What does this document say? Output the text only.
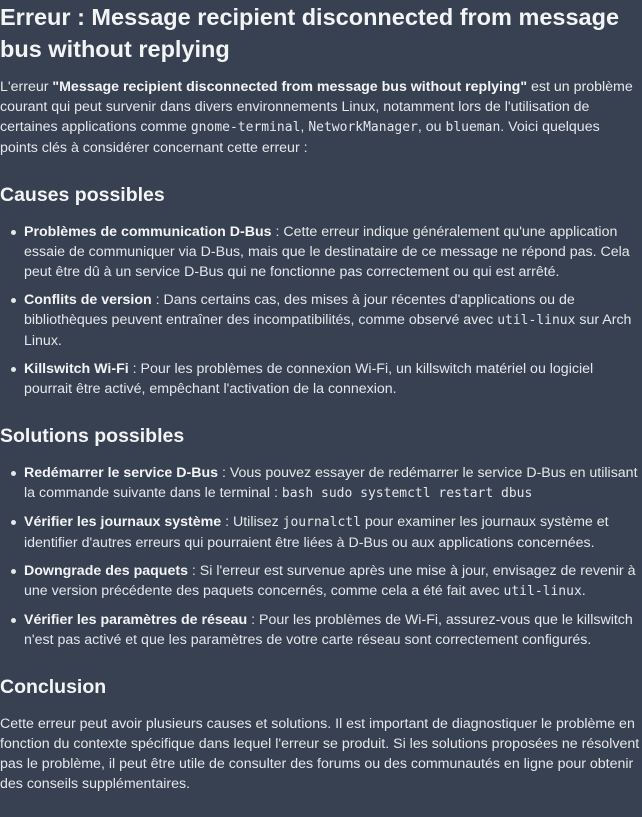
Erreur : Message recipient disconnected from message bus without replying

L'erreur "Message recipient disconnected from message bus without replying" est un problème courant qui peut survenir dans divers environnements Linux, notamment lors de l'utilisation de certaines applications comme gnome-terminal, NetworkManager, ou blueman. Voici quelques points clés à considérer concernant cette erreur :

Causes possibles
Problèmes de communication D-Bus : Cette erreur indique généralement qu'une application essaie de communiquer via D-Bus, mais que le destinataire de ce message ne répond pas. Cela peut être dû à un service D-Bus qui ne fonctionne pas correctement ou qui est arrêté.
Conflits de version : Dans certains cas, des mises à jour récentes d'applications ou de bibliothèques peuvent entraîner des incompatibilités, comme observé avec util-linux sur Arch Linux.
Killswitch Wi-Fi : Pour les problèmes de connexion Wi-Fi, un killswitch matériel ou logiciel pourrait être activé, empêchant l'activation de la connexion.
Solutions possibles
Redémarrer le service D-Bus : Vous pouvez essayer de redémarrer le service D-Bus en utilisant la commande suivante dans le terminal : bash sudo systemctl restart dbus
Vérifier les journaux système : Utilisez journalctl pour examiner les journaux système et identifier d'autres erreurs qui pourraient être liées à D-Bus ou aux applications concernées.
Downgrade des paquets : Si l'erreur est survenue après une mise à jour, envisagez de revenir à une version précédente des paquets concernés, comme cela a été fait avec util-linux.
Vérifier les paramètres de réseau : Pour les problèmes de Wi-Fi, assurez-vous que le killswitch n'est pas activé et que les paramètres de votre carte réseau sont correctement configurés.
Conclusion

Cette erreur peut avoir plusieurs causes et solutions. Il est important de diagnostiquer le problème en fonction du contexte spécifique dans lequel l'erreur se produit. Si les solutions proposées ne résolvent pas le problème, il peut être utile de consulter des forums ou des communautés en ligne pour obtenir des conseils supplémentaires.
